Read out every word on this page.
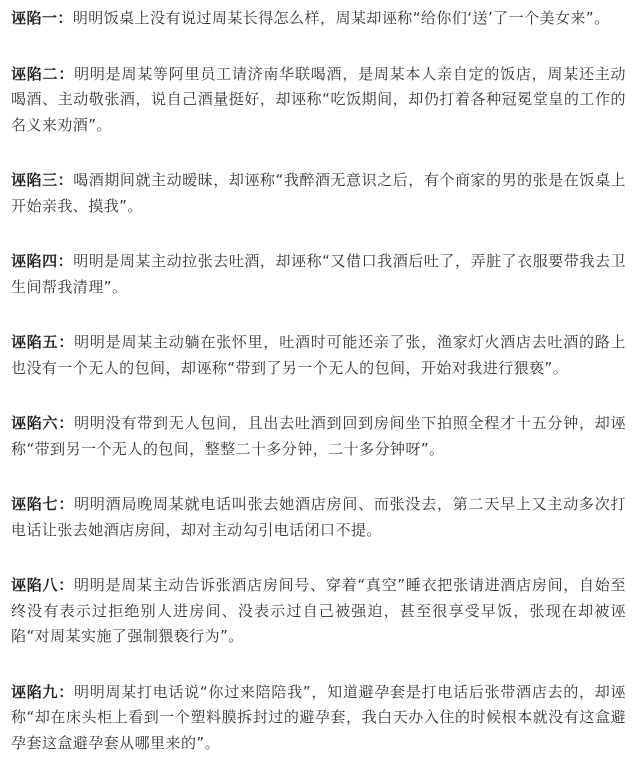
诬陷一：明明饭桌上没有说过周某长得怎么样，周某却诬称“给你们‘送’了一个美女来”。

诬陷二：明明是周某等阿里员工请济南华联喝酒，是周某本人亲自定的饭店，周某还主动喝酒、主动敬张酒，说自己酒量挺好，却诬称“吃饭期间，却仍打着各种冠冕堂皇的工作的名义来劝酒”。

诬陷三：喝酒期间就主动暧昧，却诬称“我醉酒无意识之后，有个商家的男的张是在饭桌上开始亲我、摸我”。

诬陷四：明明是周某主动拉张去吐酒，却诬称“又借口我酒后吐了，弄脏了衣服要带我去卫生间帮我清理”。

诬陷五：明明是周某主动躺在张怀里，吐酒时可能还亲了张，渔家灯火酒店去吐酒的路上也没有一个无人的包间，却诬称“带到了另一个无人的包间，开始对我进行猥亵”。

诬陷六：明明没有带到无人包间，且出去吐酒到回到房间坐下拍照全程才十五分钟，却诬称“带到另一个无人的包间，整整二十多分钟，二十多分钟呀”。

诬陷七：明明酒局晚周某就电话叫张去她酒店房间、而张没去，第二天早上又主动多次打电话让张去她酒店房间，却对主动勾引电话闭口不提。

诬陷八：明明是周某主动告诉张酒店房间号、穿着“真空”睡衣把张请进酒店房间，自始至终没有表示过拒绝别人进房间、没表示过自己被强迫，甚至很享受早饭，张现在却被诬陷“对周某实施了强制猥亵行为”。

诬陷九：明明周某打电话说“你过来陪陪我”，知道避孕套是打电话后张带酒店去的，却诬称“却在床头柜上看到一个塑料膜拆封过的避孕套，我白天办入住的时候根本就没有这盒避孕套这盒避孕套从哪里来的”。
